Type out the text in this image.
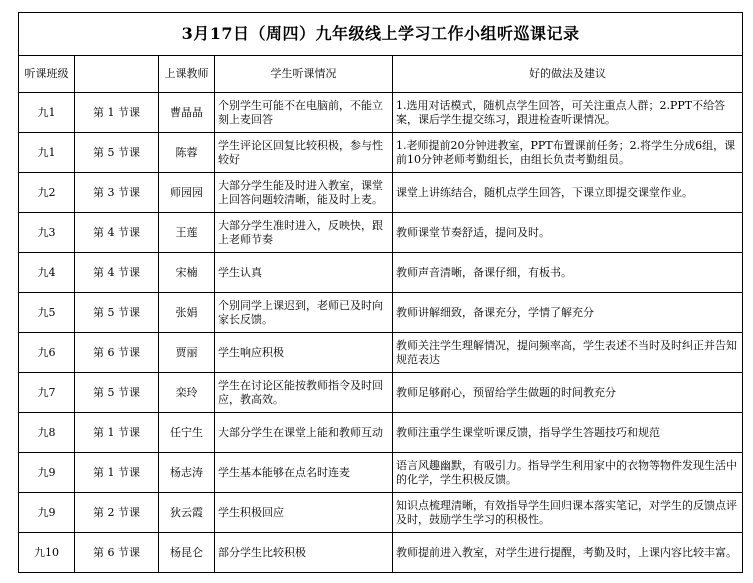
3月17日（周四）九年级线上学习工作小组听巡课记录				
听课班级		上课教师	学生听课情况	好的做法及建议
九1	第 1 节课	曹晶晶	个别学生可能不在电脑前，不能立刻上麦回答	1.选用对话模式，随机点学生回答，可关注重点人群；2.PPT不给答案，课后学生提交练习，跟进检查听课情况。
九1	第 5 节课	陈蓉	学生评论区回复比较积极，参与性较好	1.老师提前20分钟进教室，PPT布置课前任务；2.将学生分成6组，课前10分钟老师考勤组长，由组长负责考勤组员。
九2	第 3 节课	师园园	大部分学生能及时进入教室，课堂上回答问题较清晰，能及时上麦。	课堂上讲练结合，随机点学生回答，下课立即提交课堂作业。
九3	第 4 节课	王莲	大部分学生准时进入，反映快，跟上老师节奏	教师课堂节奏舒适，提问及时。
九4	第 4 节课	宋楠	学生认真	教师声音清晰，备课仔细，有板书。
九5	第 5 节课	张娟	个别同学上课迟到，老师已及时向家长反馈。	教师讲解细致，备课充分，学情了解充分
九6	第 6 节课	贾丽	学生响应积极	教师关注学生理解情况，提问频率高，学生表述不当时及时纠正并告知规范表达
九7	第 5 节课	栾玲	学生在讨论区能按教师指令及时回应，教高效。	教师足够耐心，预留给学生做题的时间教充分
九8	第 1 节课	任宁生	大部分学生在课堂上能和教师互动	教师注重学生课堂听课反馈，指导学生答题技巧和规范
九9	第 1 节课	杨志涛	学生基本能够在点名时连麦	语言风趣幽默，有吸引力。指导学生利用家中的衣物等物件发现生活中的化学，学生积极反馈。
九9	第 2 节课	狄云霞	学生积极回应	知识点梳理清晰，有效指导学生回归课本落实笔记，对学生的反馈点评及时，鼓励学生学习的积极性。
九10	第 6 节课	杨昆仑	部分学生比较积极	教师提前进入教室，对学生进行提醒，考勤及时，上课内容比较丰富。
